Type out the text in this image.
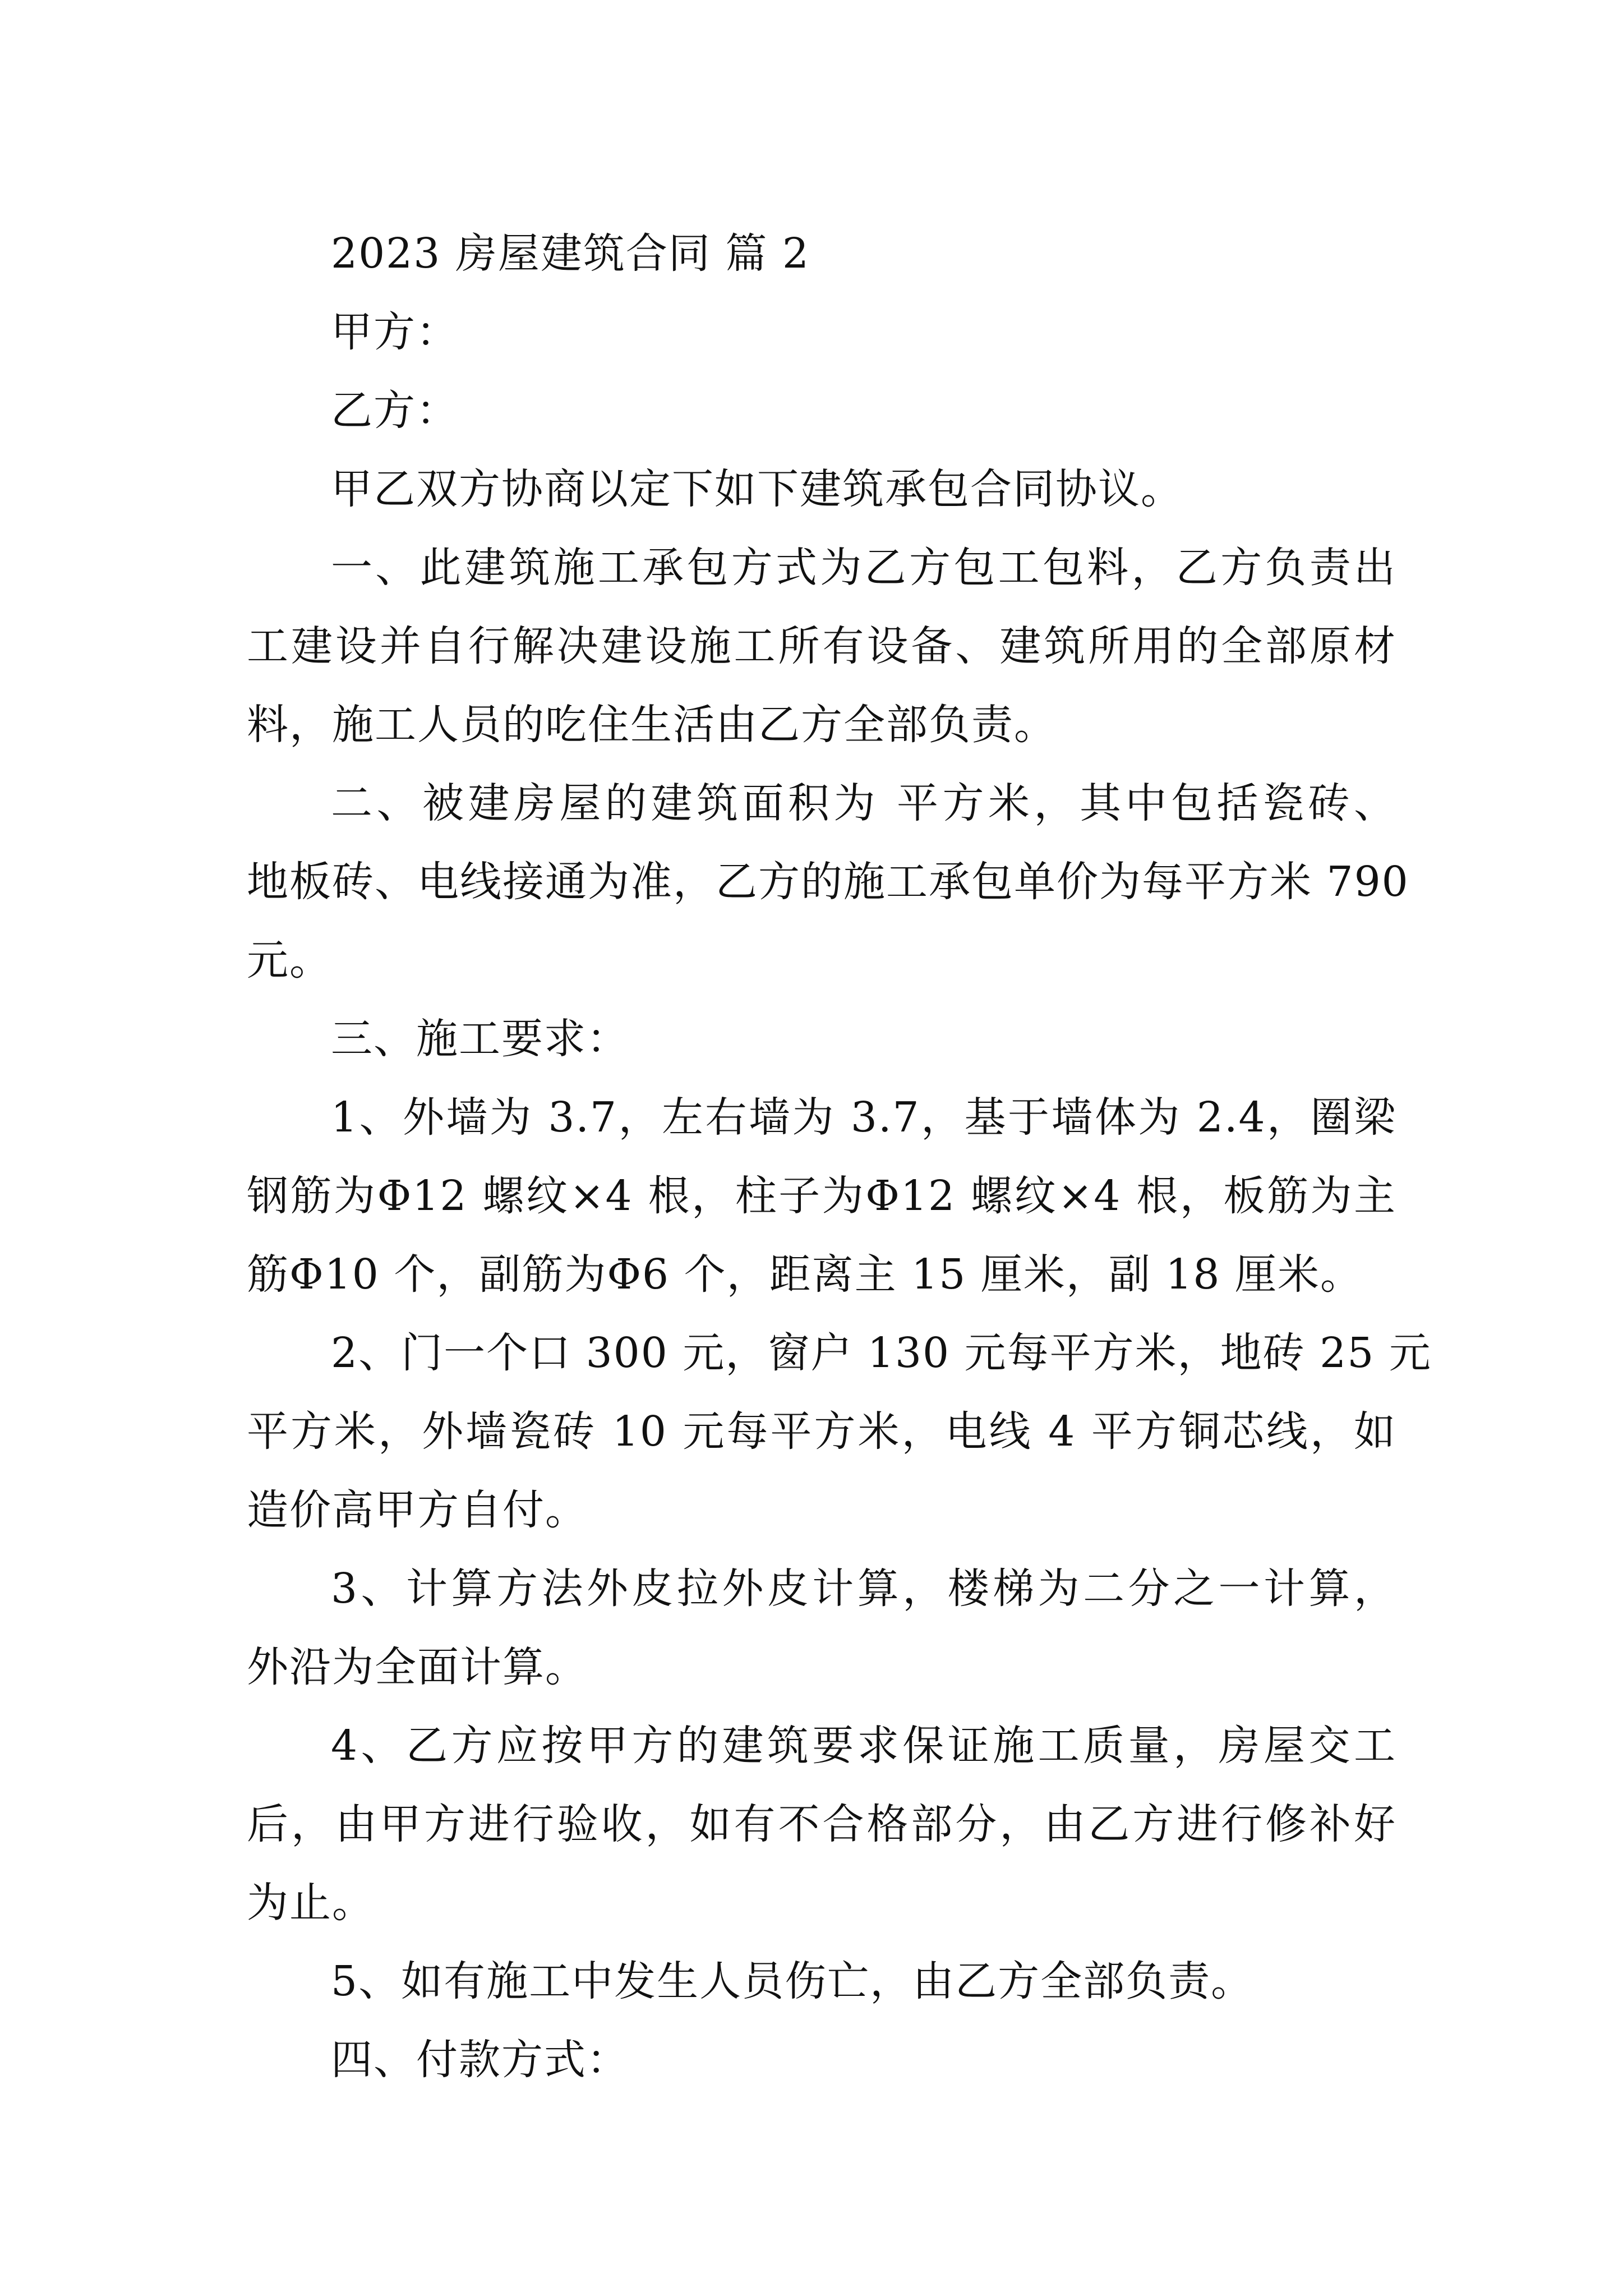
2023 房屋建筑合同 篇 2
甲方：
乙方：
甲乙双方协商以定下如下建筑承包合同协议。
一、此建筑施工承包方式为乙方包工包料，乙方负责出
工建设并自行解决建设施工所有设备、建筑所用的全部原材
料，施工人员的吃住生活由乙方全部负责。
二、被建房屋的建筑面积为 平方米，其中包括瓷砖、
地板砖、电线接通为准，乙方的施工承包单价为每平方米 790
元。
三、施工要求：
1、外墙为 3.7，左右墙为 3.7，基于墙体为 2.4，圈梁
钢筋为Φ12 螺纹×4 根，柱子为Φ12 螺纹×4 根，板筋为主
筋Φ10 个，副筋为Φ6 个，距离主 15 厘米，副 18 厘米。
2、门一个口 300 元，窗户 130 元每平方米，地砖 25 元
平方米，外墙瓷砖 10 元每平方米，电线 4 平方铜芯线，如
造价高甲方自付。
3、计算方法外皮拉外皮计算，楼梯为二分之一计算，
外沿为全面计算。
4、乙方应按甲方的建筑要求保证施工质量，房屋交工
后，由甲方进行验收，如有不合格部分，由乙方进行修补好
为止。
5、如有施工中发生人员伤亡，由乙方全部负责。
四、付款方式：
